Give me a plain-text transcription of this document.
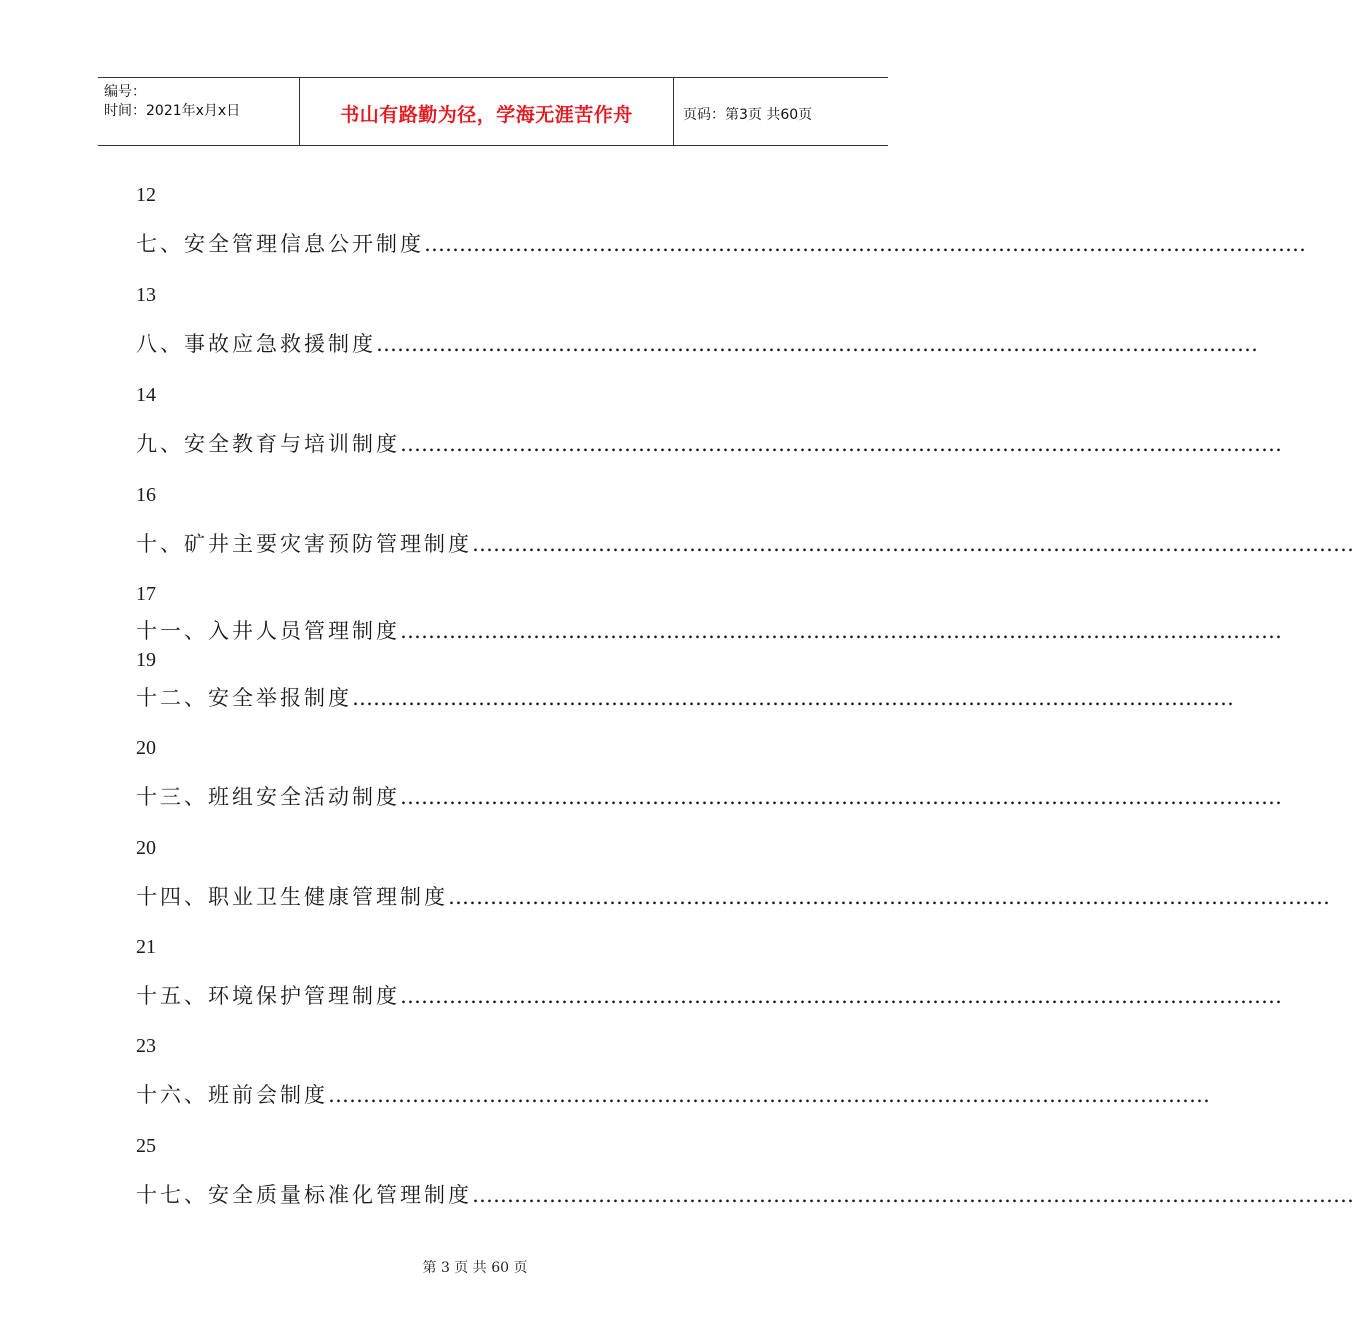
编号：
时间：2021年x月x日	书山有路勤为径，学海无涯苦作舟	页码：第3页 共60页
12
七、安全管理信息公开制度………………………………………………………………………………………………………………
13
八、事故应急救援制度………………………………………………………………………………………………………………
14
九、安全教育与培训制度………………………………………………………………………………………………………………
16
十、矿井主要灾害预防管理制度………………………………………………………………………………………………………………
17
十一、入井人员管理制度………………………………………………………………………………………………………………
19
十二、安全举报制度………………………………………………………………………………………………………………
20
十三、班组安全活动制度………………………………………………………………………………………………………………
20
十四、职业卫生健康管理制度………………………………………………………………………………………………………………
21
十五、环境保护管理制度………………………………………………………………………………………………………………
23
十六、班前会制度………………………………………………………………………………………………………………
25
十七、安全质量标准化管理制度………………………………………………………………………………………………………………
第 3 页 共 60 页
